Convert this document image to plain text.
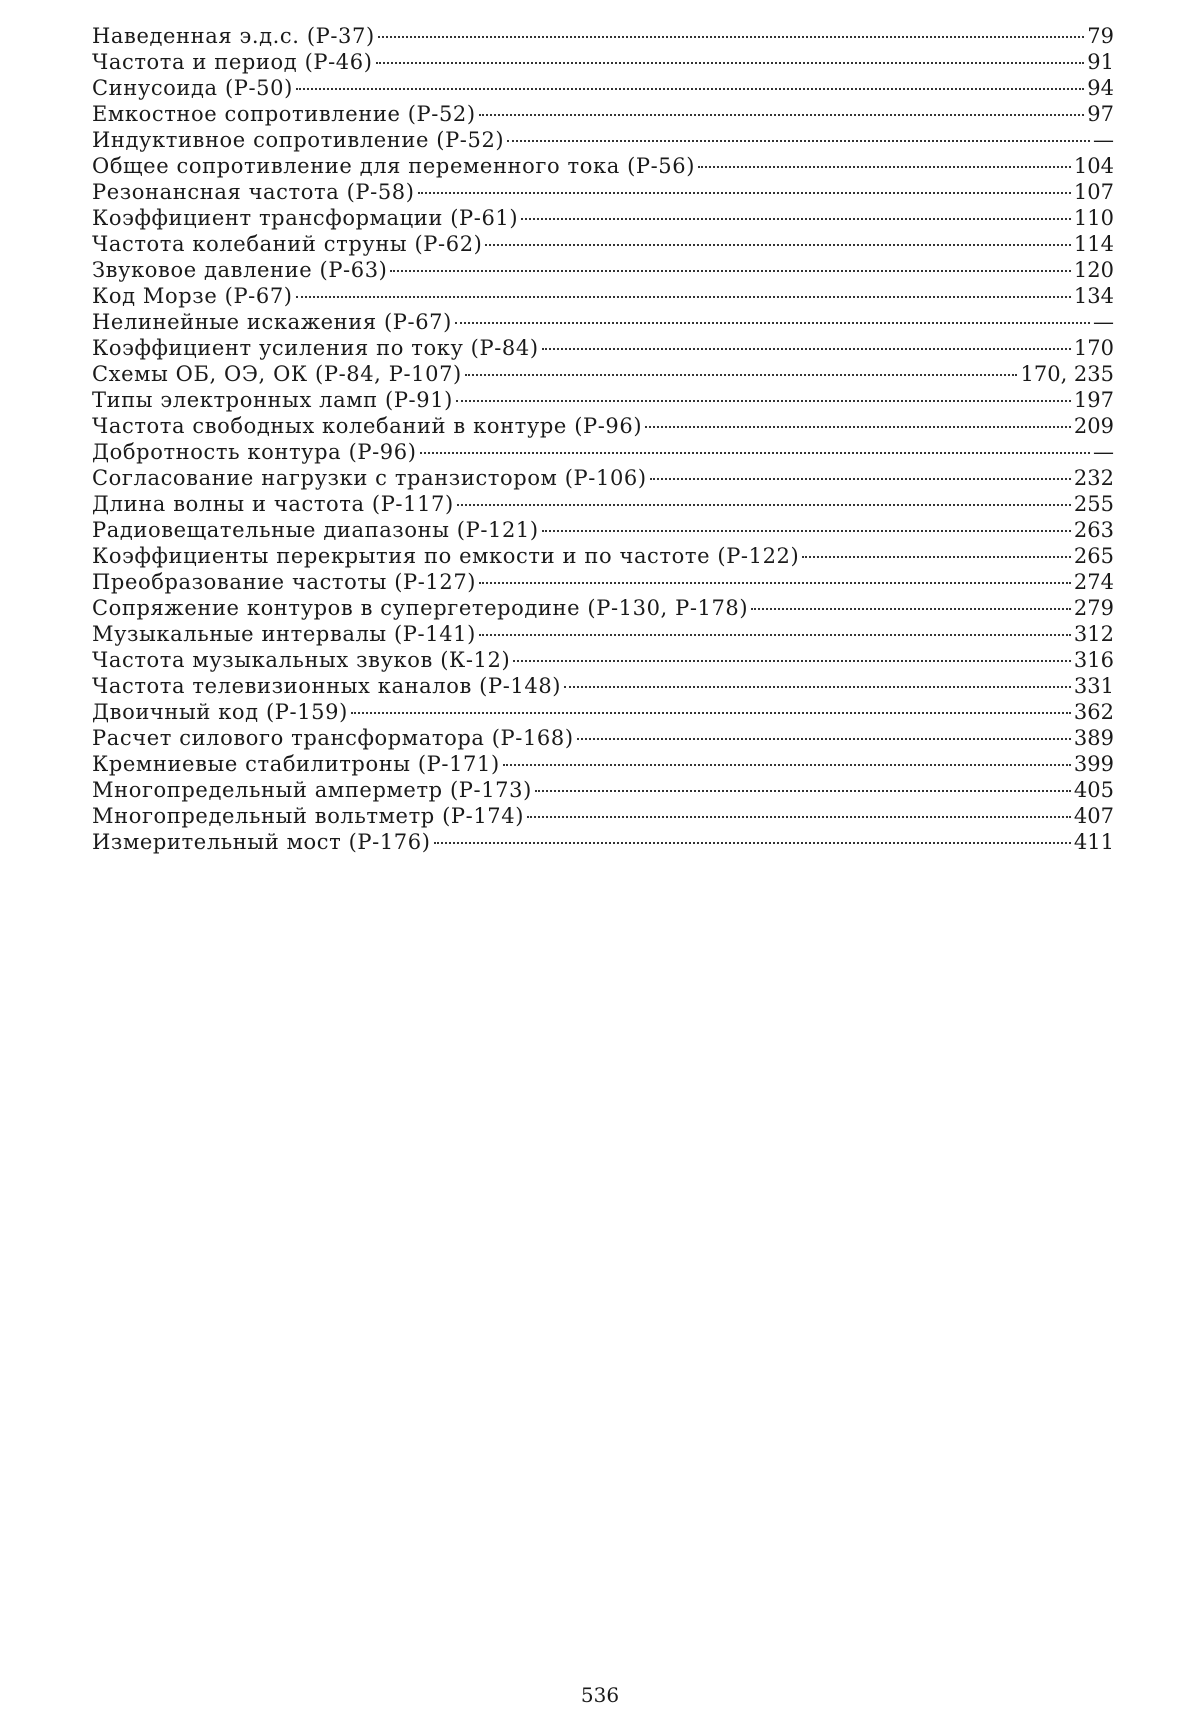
Наведенная э.д.с. (Р-37)	79
Частота и период (Р-46)	91
Синусоида (Р-50)	94
Емкостное сопротивление (Р-52)	97
Индуктивное сопротивление (Р-52)	—
Общее сопротивление для переменного тока (Р-56)	104
Резонансная частота (Р-58)	107
Коэффициент трансформации (Р-61)	110
Частота колебаний струны (Р-62)	114
Звуковое давление (Р-63)	120
Код Морзе (Р-67)	134
Нелинейные искажения (Р-67)	—
Коэффициент усиления по току (Р-84)	170
Схемы ОБ, ОЭ, ОК (Р-84, Р-107)	170, 235
Типы электронных ламп (Р-91)	197
Частота свободных колебаний в контуре (Р-96)	209
Добротность контура (Р-96)	—
Согласование нагрузки с транзистором (Р-106)	232
Длина волны и частота (Р-117)	255
Радиовещательные диапазоны (Р-121)	263
Коэффициенты перекрытия по емкости и по частоте (Р-122)	265
Преобразование частоты (Р-127)	274
Сопряжение контуров в супергетеродине (Р-130, Р-178)	279
Музыкальные интервалы (Р-141)	312
Частота музыкальных звуков (К-12)	316
Частота телевизионных каналов (Р-148)	331
Двоичный код (Р-159)	362
Расчет силового трансформатора (Р-168)	389
Кремниевые стабилитроны (Р-171)	399
Многопредельный амперметр (Р-173)	405
Многопредельный вольтметр (Р-174)	407
Измерительный мост (Р-176)	411
536
